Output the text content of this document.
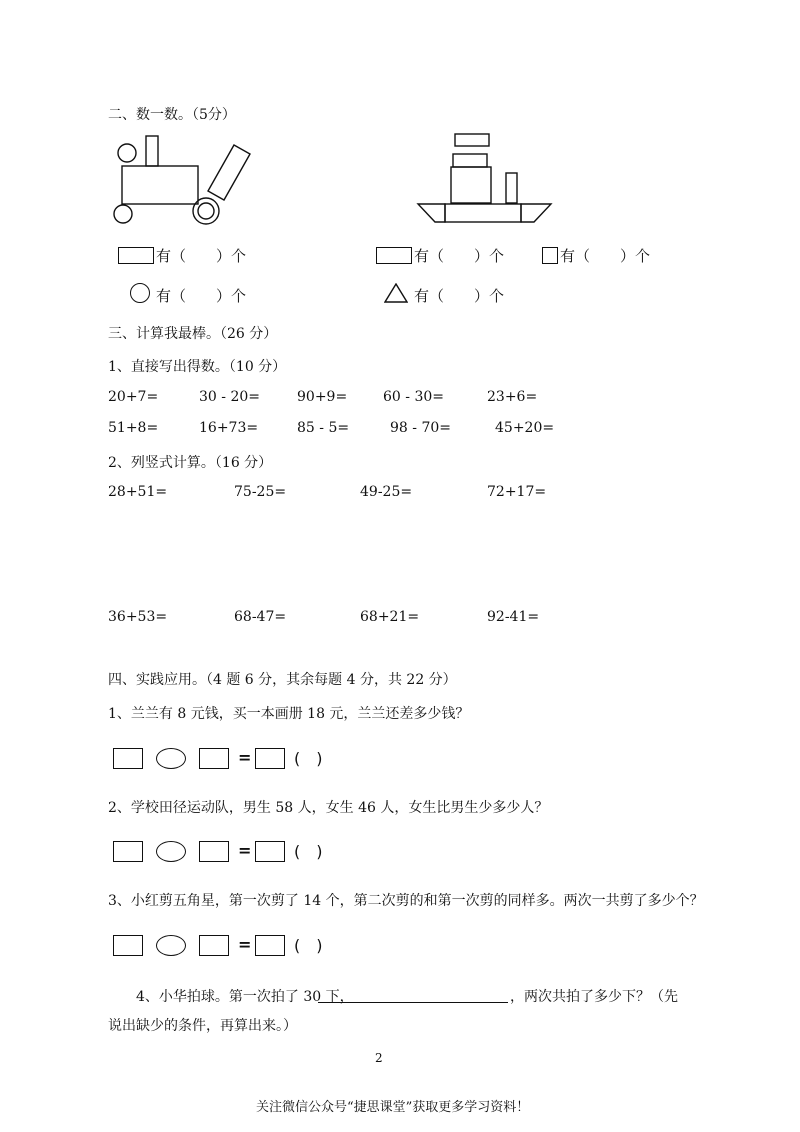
二、数一数。（5分）
有（　　）个	有（　　）个	有（　　）个
有（　　）个	有（　　）个
三、计算我最棒。（26 分）
1、直接写出得数。（10 分）
20+7=	30 - 20=	90+9=	60 - 30=	23+6=
51+8=	16+73=	85 - 5=	98 - 70=	45+20=
2、列竖式计算。（16 分）
28+51=	75-25=	49-25=	72+17=
36+53=	68-47=	68+21=	92-41=
四、实践应用。（4 题 6 分，其余每题 4 分，共 22 分）
1、兰兰有 8 元钱，买一本画册 18 元，兰兰还差多少钱？
=	(　)
2、学校田径运动队，男生 58 人，女生 46 人，女生比男生少多少人？
=	(　)
3、小红剪五角星，第一次剪了 14 个，第二次剪的和第一次剪的同样多。两次一共剪了多少个？
=	(　)
4、小华拍球。第一次拍了 30 下，	，两次共拍了多少下？（先
说出缺少的条件，再算出来。）
2
关注微信公众号“捷思课堂”获取更多学习资料！
